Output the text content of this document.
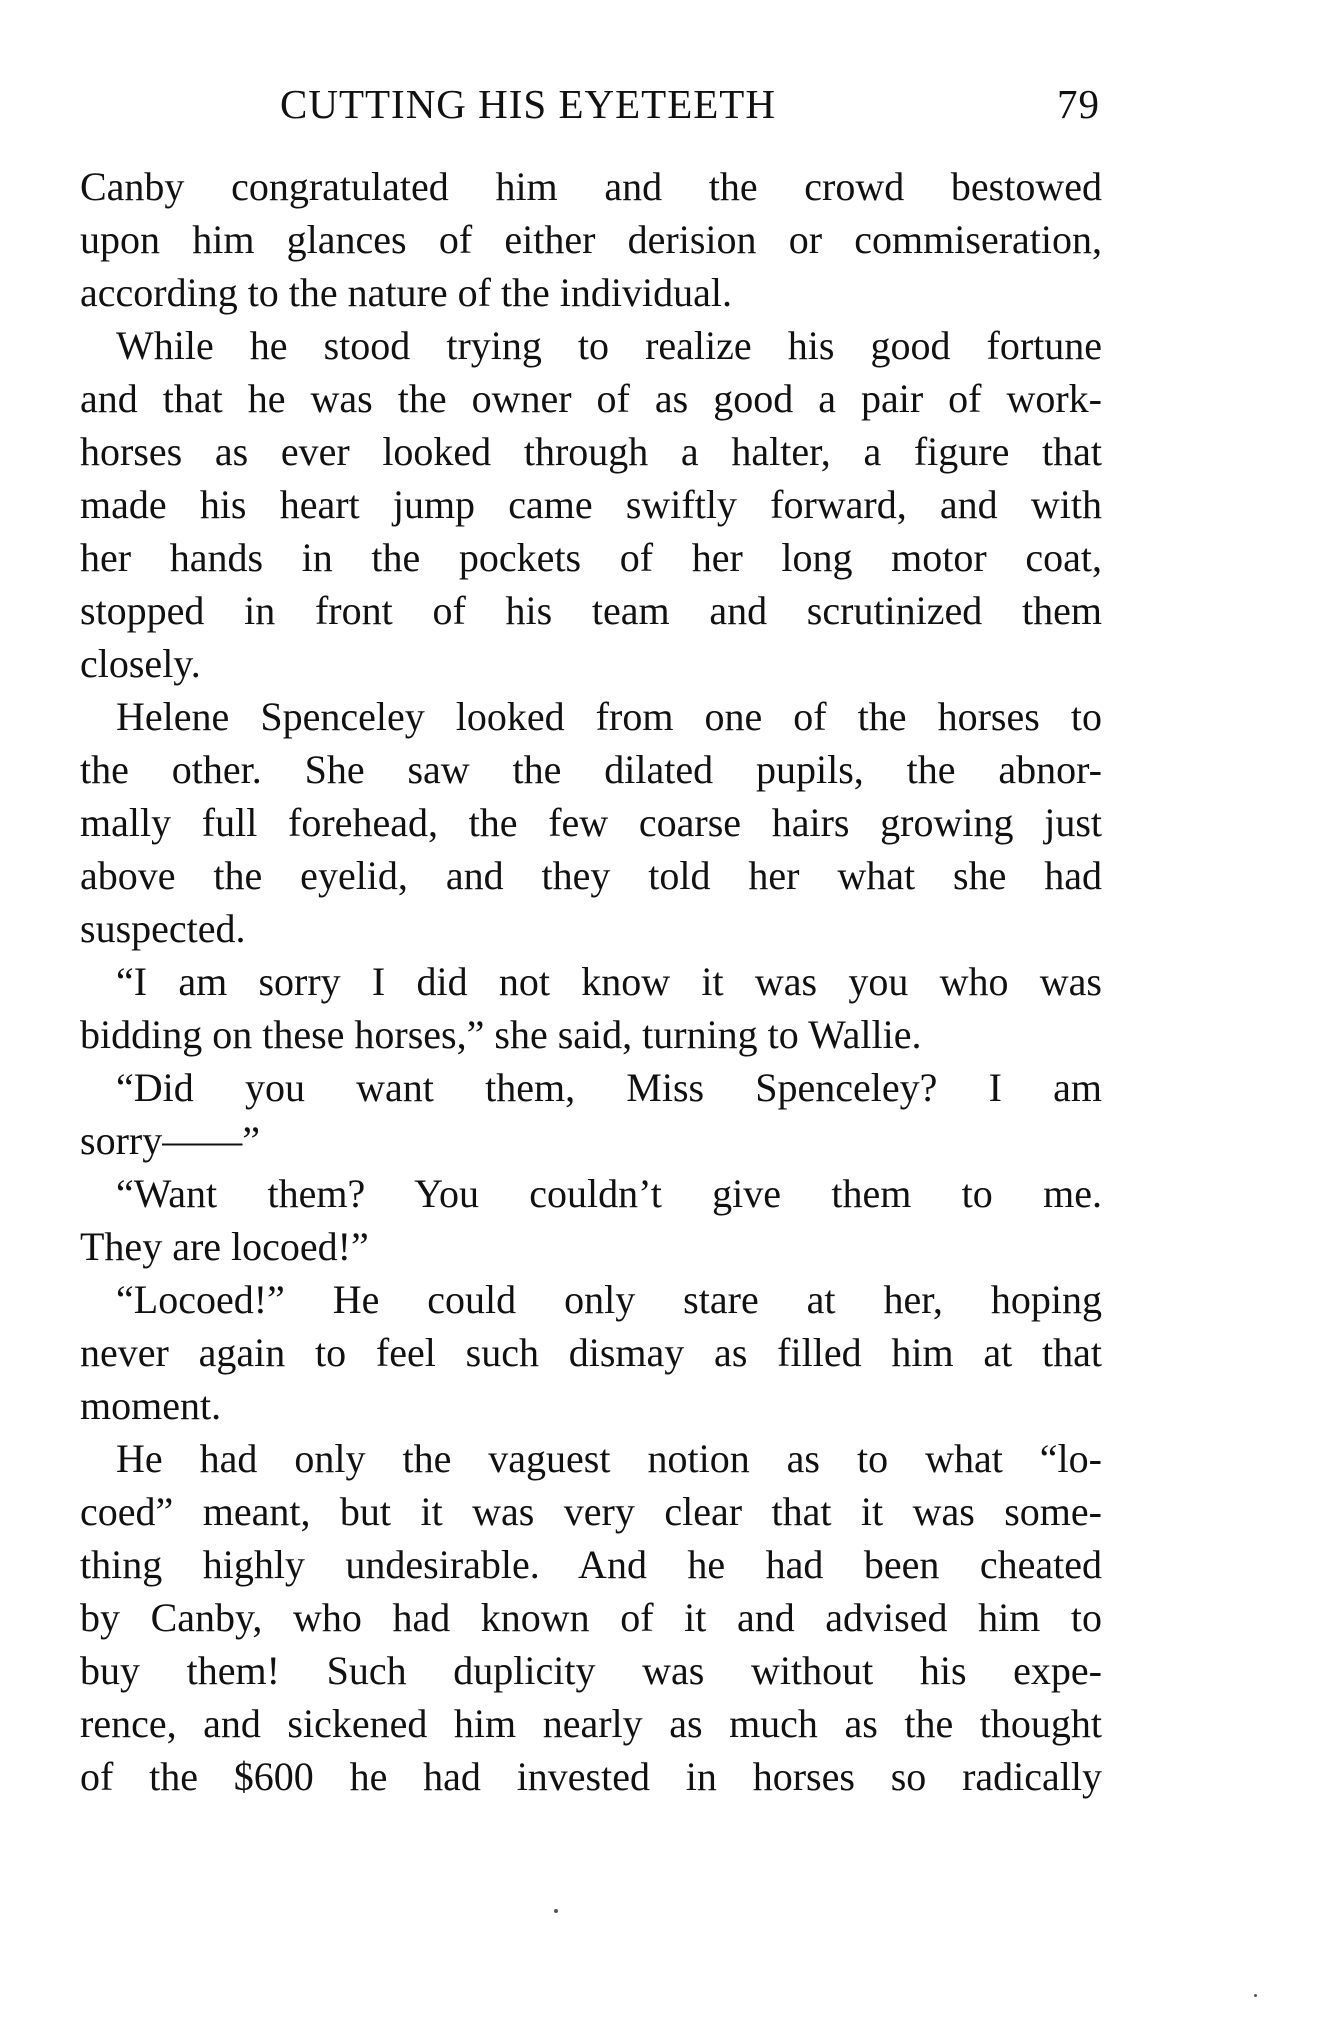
CUTTING HIS EYETEETH	79
Canby congratulated him and the crowd bestowed
upon him glances of either derision or commiseration,
according to the nature of the individual.
While he stood trying to realize his good fortune
and that he was the owner of as good a pair of work-
horses as ever looked through a halter, a figure that
made his heart jump came swiftly forward, and with
her hands in the pockets of her long motor coat,
stopped in front of his team and scrutinized them
closely.
Helene Spenceley looked from one of the horses to
the other. She saw the dilated pupils, the abnor-
mally full forehead, the few coarse hairs growing just
above the eyelid, and they told her what she had
suspected.
“I am sorry I did not know it was you who was
bidding on these horses,” she said, turning to Wallie.
“Did you want them, Miss Spenceley? I am
sorry——”
“Want them? You couldn’t give them to me.
They are locoed!”
“Locoed!” He could only stare at her, hoping
never again to feel such dismay as filled him at that
moment.
He had only the vaguest notion as to what “lo-
coed” meant, but it was very clear that it was some-
thing highly undesirable. And he had been cheated
by Canby, who had known of it and advised him to
buy them! Such duplicity was without his expe-
rence, and sickened him nearly as much as the thought
of the $600 he had invested in horses so radically
